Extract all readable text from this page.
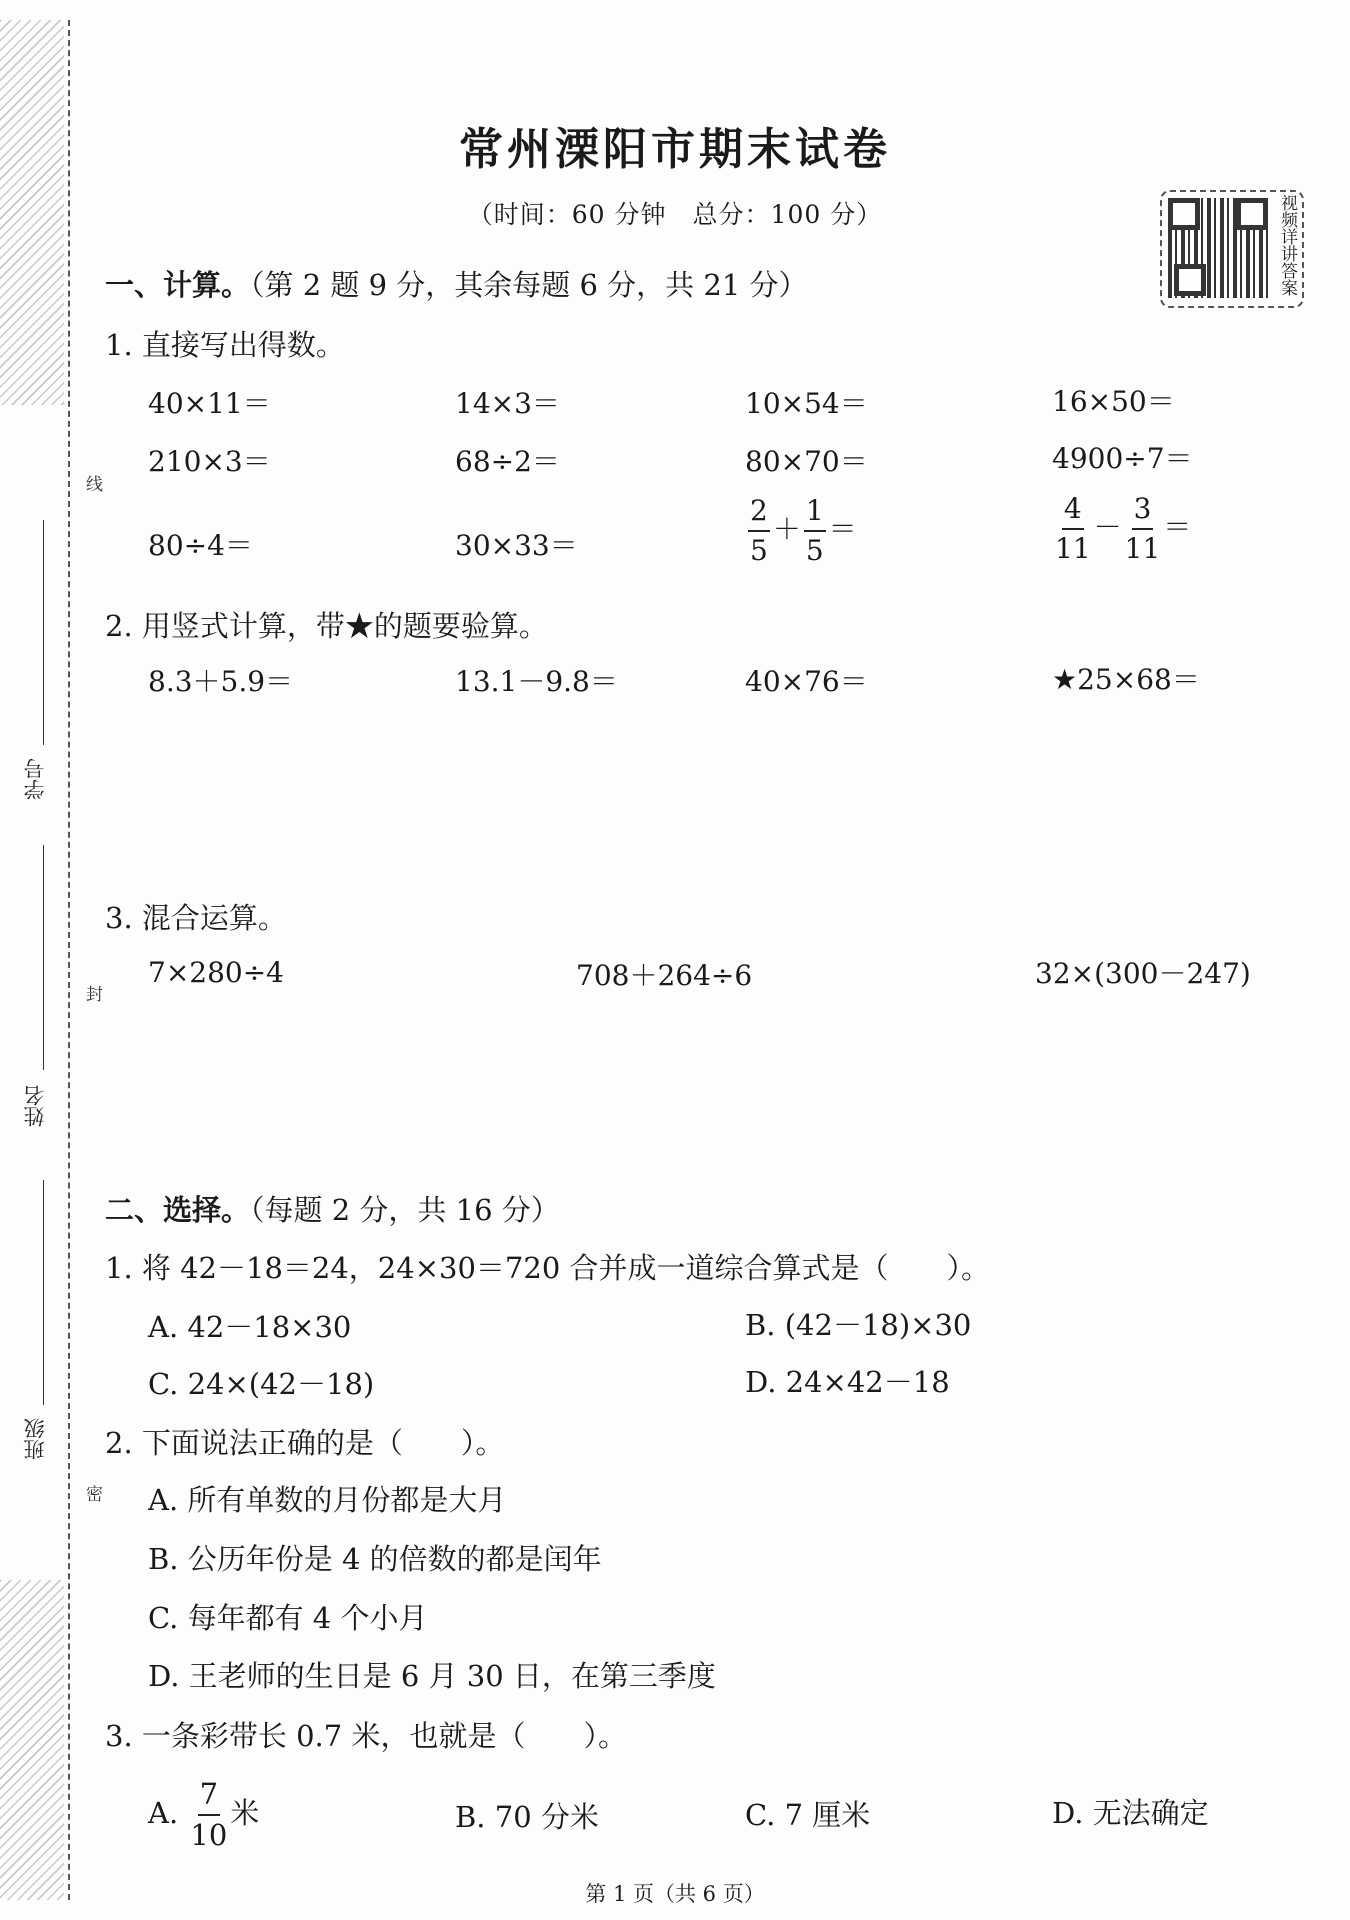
线
封
密
学号
姓名
班级
常州溧阳市期末试卷
（时间：60 分钟　总分：100 分）	视频详讲答案
一、计算。（第 2 题 9 分，其余每题 6 分，共 21 分）
1. 直接写出得数。
40×11＝	14×3＝	10×54＝	16×50＝
210×3＝	68÷2＝	80×70＝	4900÷7＝
80÷4＝	30×33＝	$\frac{2}{5} + \frac{1}{5}$ ＝	$\frac{4}{11} - \frac{3}{11}$ ＝
2. 用竖式计算，带★的题要验算。
8.3＋5.9＝	13.1－9.8＝	40×76＝	★25×68＝
3. 混合运算。
7×280÷4	708＋264÷6	32×(300－247)
二、选择。（每题 2 分，共 16 分）
1. 将 42－18＝24，24×30＝720 合并成一道综合算式是（　　）。
A. 42－18×30	B. (42－18)×30
C. 24×(42－18)	D. 24×42－18
2. 下面说法正确的是（　　）。
A. 所有单数的月份都是大月
B. 公历年份是 4 的倍数的都是闰年
C. 每年都有 4 个小月
D. 王老师的生日是 6 月 30 日，在第三季度
3. 一条彩带长 0.7 米，也就是（　　）。
A. $\frac{7}{10}$ 米	B. 70 分米	C. 7 厘米	D. 无法确定
第 1 页（共 6 页）
